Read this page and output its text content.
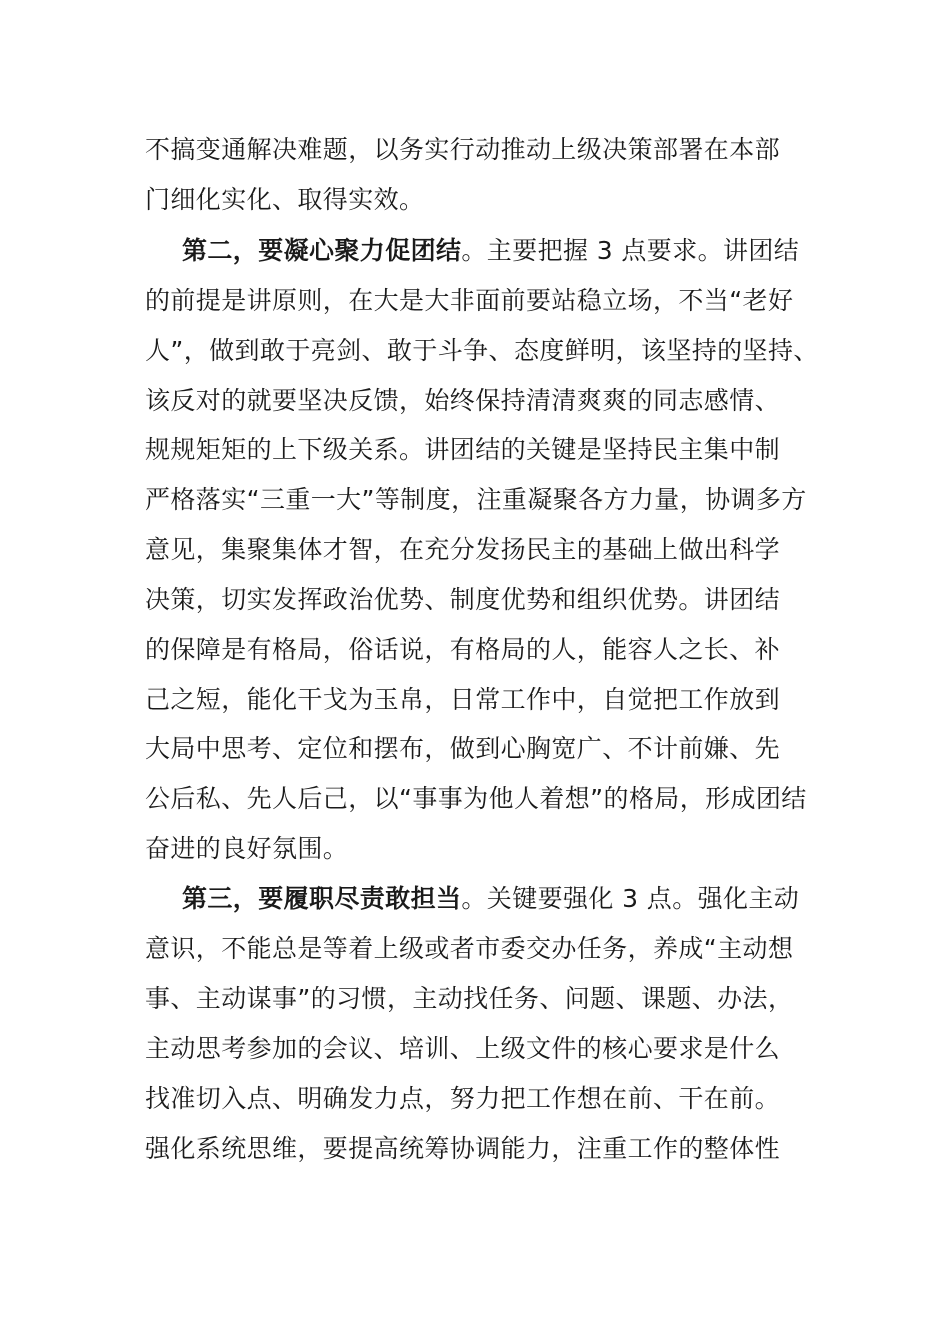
不搞变通解决难题，以务实行动推动上级决策部署在本部
门细化实化、取得实效。
第二，要凝心聚力促团结。主要把握 3 点要求。讲团结
的前提是讲原则，在大是大非面前要站稳立场，不当“老好
人”，做到敢于亮剑、敢于斗争、态度鲜明，该坚持的坚持、
该反对的就要坚决反馈，始终保持清清爽爽的同志感情、
规规矩矩的上下级关系。讲团结的关键是坚持民主集中制
严格落实“三重一大”等制度，注重凝聚各方力量，协调多方
意见，集聚集体才智，在充分发扬民主的基础上做出科学
决策，切实发挥政治优势、制度优势和组织优势。讲团结
的保障是有格局，俗话说，有格局的人，能容人之长、补
己之短，能化干戈为玉帛，日常工作中，自觉把工作放到
大局中思考、定位和摆布，做到心胸宽广、不计前嫌、先
公后私、先人后己，以“事事为他人着想”的格局，形成团结
奋进的良好氛围。
第三，要履职尽责敢担当。关键要强化 3 点。强化主动
意识，不能总是等着上级或者市委交办任务，养成“主动想
事、主动谋事”的习惯，主动找任务、问题、课题、办法，
主动思考参加的会议、培训、上级文件的核心要求是什么
找准切入点、明确发力点，努力把工作想在前、干在前。
强化系统思维，要提高统筹协调能力，注重工作的整体性
